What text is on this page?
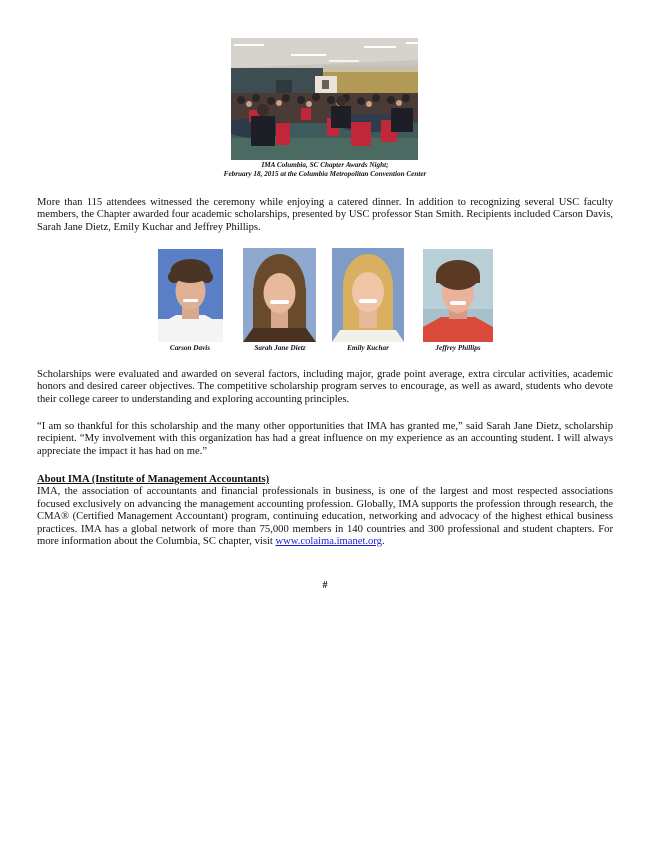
IMA Columbia, SC Chapter Awards Night;
February 18, 2015 at the Columbia Metropolitan Convention Center

More than 115 attendees witnessed the ceremony while enjoying a catered dinner. In addition to recognizing several USC faculty members, the Chapter awarded four academic scholarships, presented by USC professor Stan Smith. Recipients included Carson Davis, Sarah Jane Dietz, Emily Kuchar and Jeffrey Phillips.

Carson Davis	Sarah Jane Dietz	Emily Kuchar	Jeffrey Phillips

Scholarships were evaluated and awarded on several factors, including major, grade point average, extra circular activities, academic honors and desired career objectives. The competitive scholarship program serves to encourage, as well as award, students who devote their college career to understanding and exploring accounting principles.

“I am so thankful for this scholarship and the many other opportunities that IMA has granted me,” said Sarah Jane Dietz, scholarship recipient. “My involvement with this organization has had a great influence on my experience as an accounting student. I will always appreciate the impact it has had on me.”

About IMA (Institute of Management Accountants)

IMA, the association of accountants and financial professionals in business, is one of the largest and most respected associations focused exclusively on advancing the management accounting profession. Globally, IMA supports the profession through research, the CMA® (Certified Management Accountant) program, continuing education, networking and advocacy of the highest ethical business practices. IMA has a global network of more than 75,000 members in 140 countries and 300 professional and student chapters. For more information about the Columbia, SC chapter, visit www.colaima.imanet.org.

#
